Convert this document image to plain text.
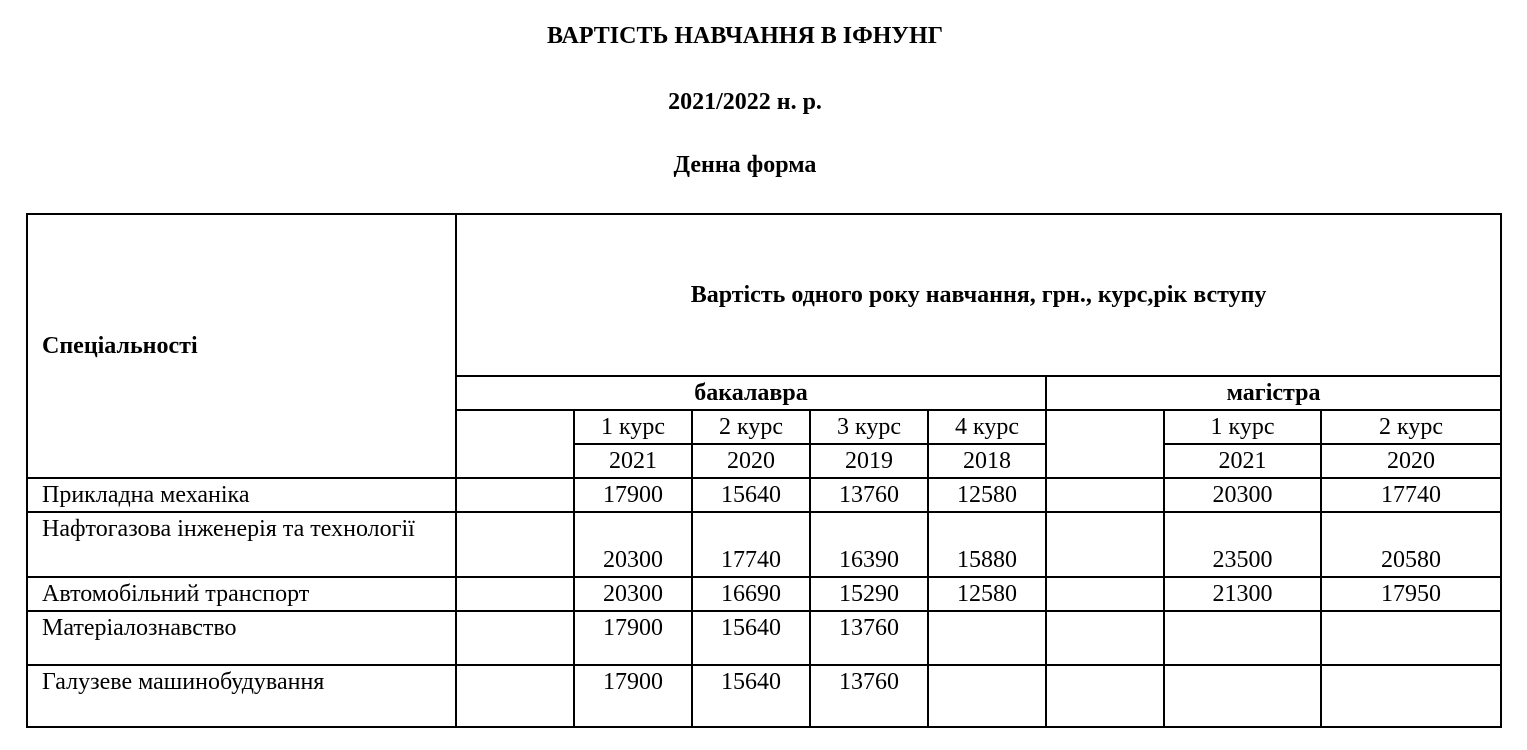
ВАРТІСТЬ НАВЧАННЯ В ІФНУНГ
2021/2022 н. р.
Денна форма
Спеціальності	Вартість одного року навчання, грн., курс,рік вступу							
	бакалавра					магістра		
		1 курс	2 курс	3 курс	4 курс		1 курс	2 курс
		2021	2020	2019	2018		2021	2020
Прикладна механіка		17900	15640	13760	12580		20300	17740
Нафтогазова інженерія та технології		20300	17740	16390	15880		23500	20580
Автомобільний транспорт		20300	16690	15290	12580		21300	17950
Матеріалознавство		17900	15640	13760				
Галузеве машинобудування		17900	15640	13760				
